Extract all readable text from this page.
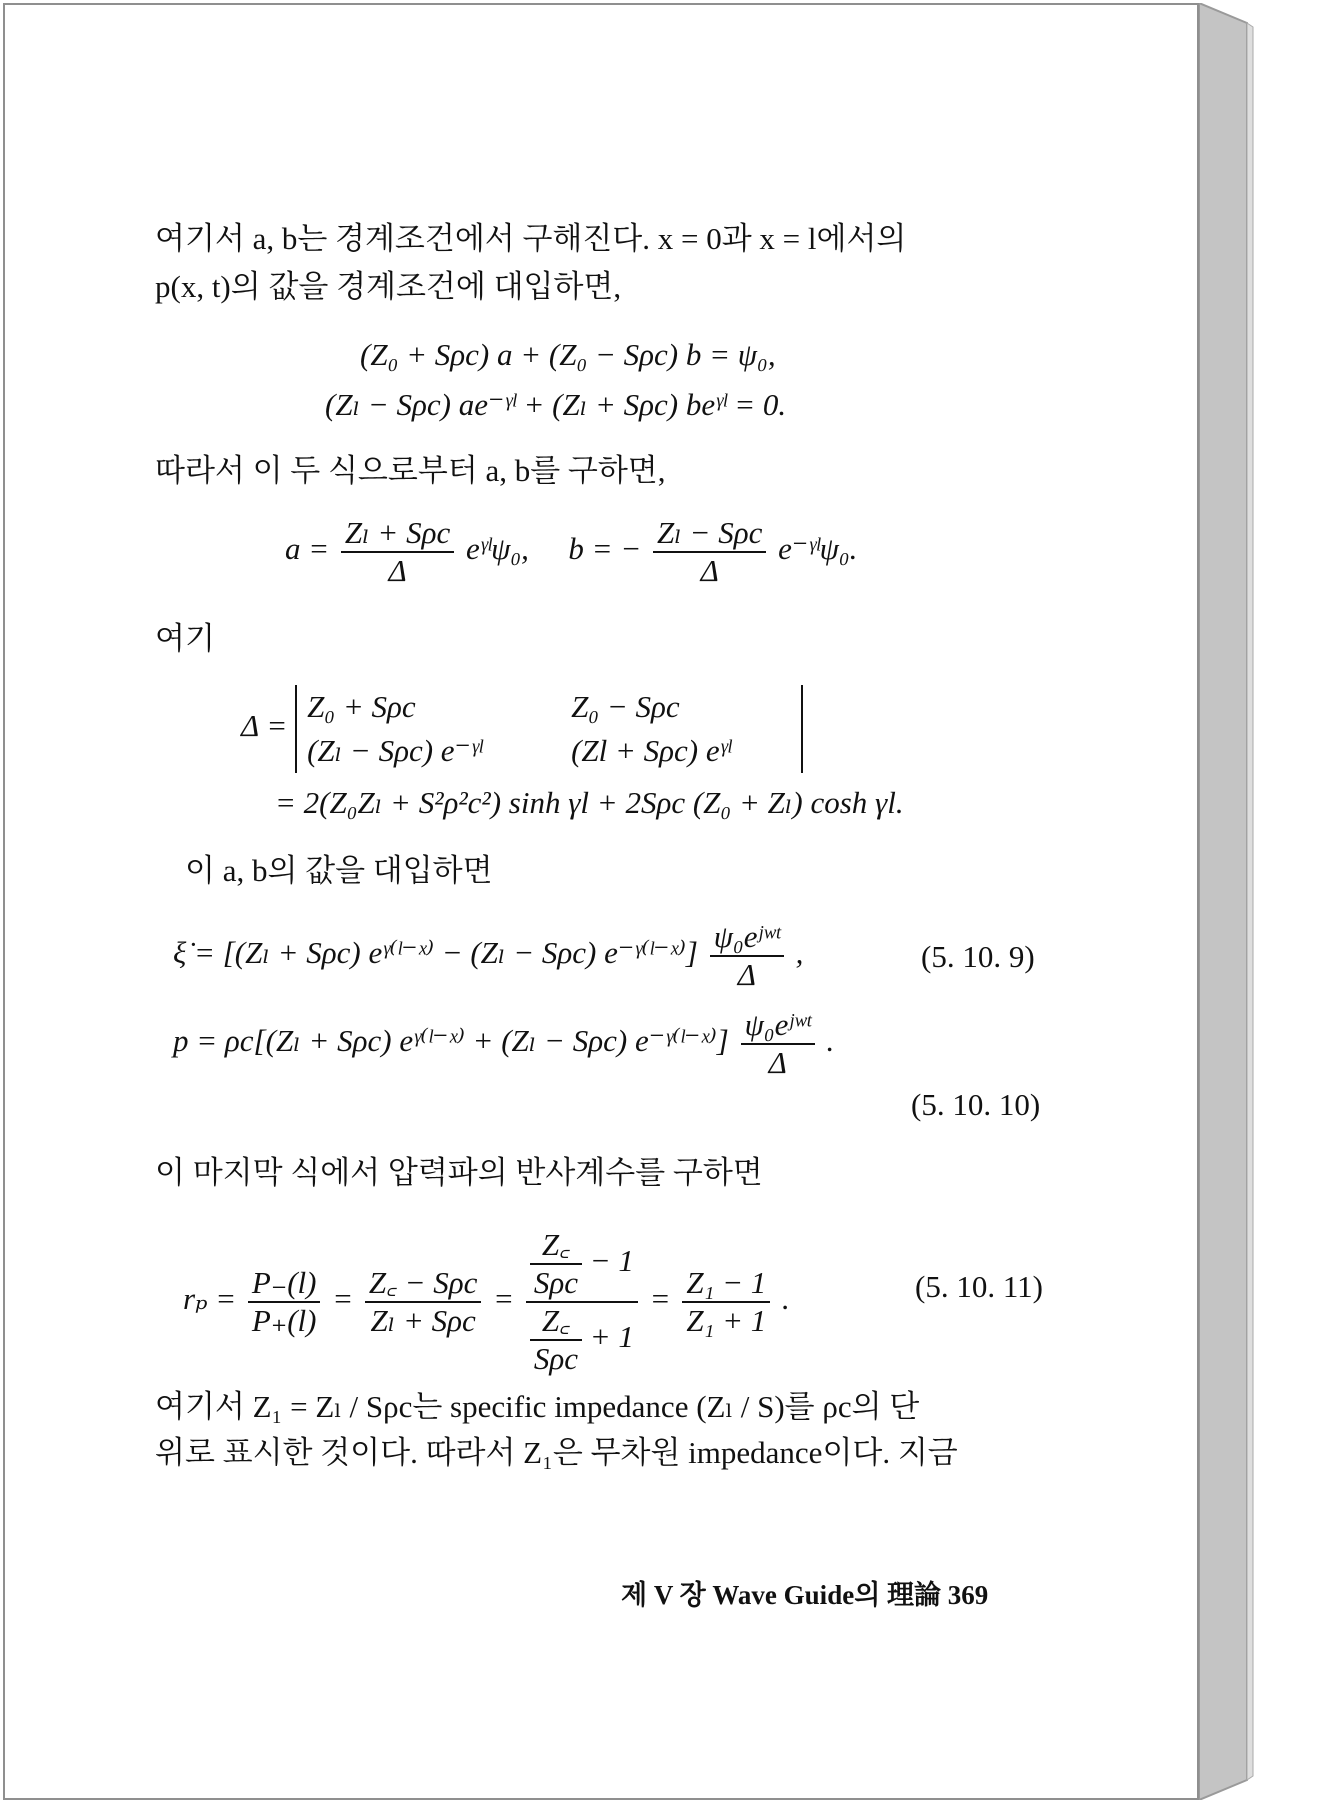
여기서 a, b는 경계조건에서 구해진다. x = 0과 x = l에서의
p(x, t)의 값을 경계조건에 대입하면,
(Z₀ + Sρc) a + (Z₀ − Sρc) b = ψ₀,
(Zₗ − Sρc) ae⁻ᵞˡ + (Zₗ + Sρc) beᵞˡ = 0.
따라서 이 두 식으로부터 a, b를 구하면,
$a = \frac{\text{Zₗ + Sρc}}{\Delta}$ eᵞˡψ₀, b = − $\frac{\text{Zₗ − Sρc}}{\Delta}$ e⁻ᵞˡψ₀.
여기
Δ =
Z₀ + Sρc	Z₀ − Sρc
(Zₗ − Sρc) e⁻ᵞˡ	(Zl + Sρc) eᵞˡ
= 2(Z₀Zₗ + S²ρ²c²) sinh γl + 2Sρc (Z₀ + Zₗ) cosh γl.
이 a, b의 값을 대입하면
ξ̇ = [(Zₗ + Sρc) eᵞ⁽ˡ⁻ˣ⁾ − (Zₗ − Sρc) e⁻ᵞ⁽ˡ⁻ˣ⁾] $\frac{\text{ψ₀eʲʷᵗ}}{\Delta}$ ,	(5. 10. 9)
p = ρc[(Zₗ + Sρc) eᵞ⁽ˡ⁻ˣ⁾ + (Zₗ − Sρc) e⁻ᵞ⁽ˡ⁻ˣ⁾] $\frac{\text{ψ₀eʲʷᵗ}}{\Delta}$ .
(5. 10. 10)
이 마지막 식에서 압력파의 반사계수를 구하면
$r_p = \frac{P_-(l)}{P_+(l)} = \frac{\text{Z꜀ − Sρc}}{\text{Zₗ + Sρc}} = \frac{\frac{Z꜀}{\text{Sρc}} - 1}{\frac{Z꜀}{\text{Sρc}} + 1} = \frac{\text{Z₁ − 1}}{\text{Z₁ + 1}}$ .	(5. 10. 11)
여기서 Z₁ = Zₗ / Sρc는 specific impedance (Zₗ / S)를 ρc의 단
위로 표시한 것이다. 따라서 Z₁은 무차원 impedance이다. 지금
제 V 장 Wave Guide의 理論 369
